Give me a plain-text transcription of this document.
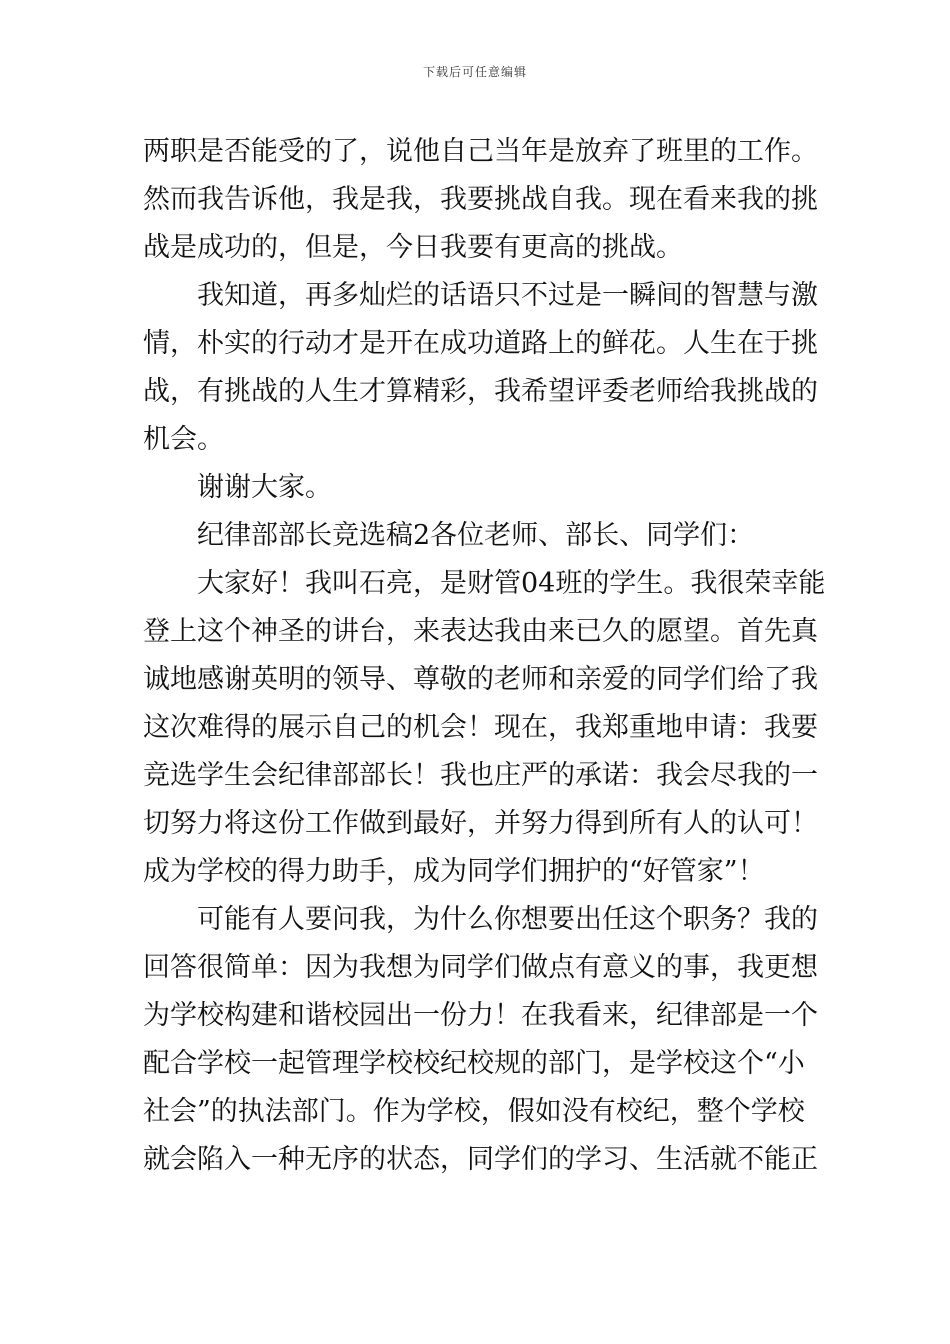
下载后可任意编辑
两职是否能受的了，说他自己当年是放弃了班里的工作。
然而我告诉他，我是我，我要挑战自我。现在看来我的挑
战是成功的，但是，今日我要有更高的挑战。
我知道，再多灿烂的话语只不过是一瞬间的智慧与激
情，朴实的行动才是开在成功道路上的鲜花。人生在于挑
战，有挑战的人生才算精彩，我希望评委老师给我挑战的
机会。
谢谢大家。
纪律部部长竞选稿2各位老师、部长、同学们：
大家好！我叫石亮，是财管04班的学生。我很荣幸能
登上这个神圣的讲台，来表达我由来已久的愿望。首先真
诚地感谢英明的领导、尊敬的老师和亲爱的同学们给了我
这次难得的展示自己的机会！现在，我郑重地申请：我要
竞选学生会纪律部部长！我也庄严的承诺：我会尽我的一
切努力将这份工作做到最好，并努力得到所有人的认可！
成为学校的得力助手，成为同学们拥护的“好管家”！
可能有人要问我，为什么你想要出任这个职务？我的
回答很简单：因为我想为同学们做点有意义的事，我更想
为学校构建和谐校园出一份力！在我看来，纪律部是一个
配合学校一起管理学校校纪校规的部门，是学校这个“小
社会”的执法部门。作为学校，假如没有校纪，整个学校
就会陷入一种无序的状态，同学们的学习、生活就不能正
